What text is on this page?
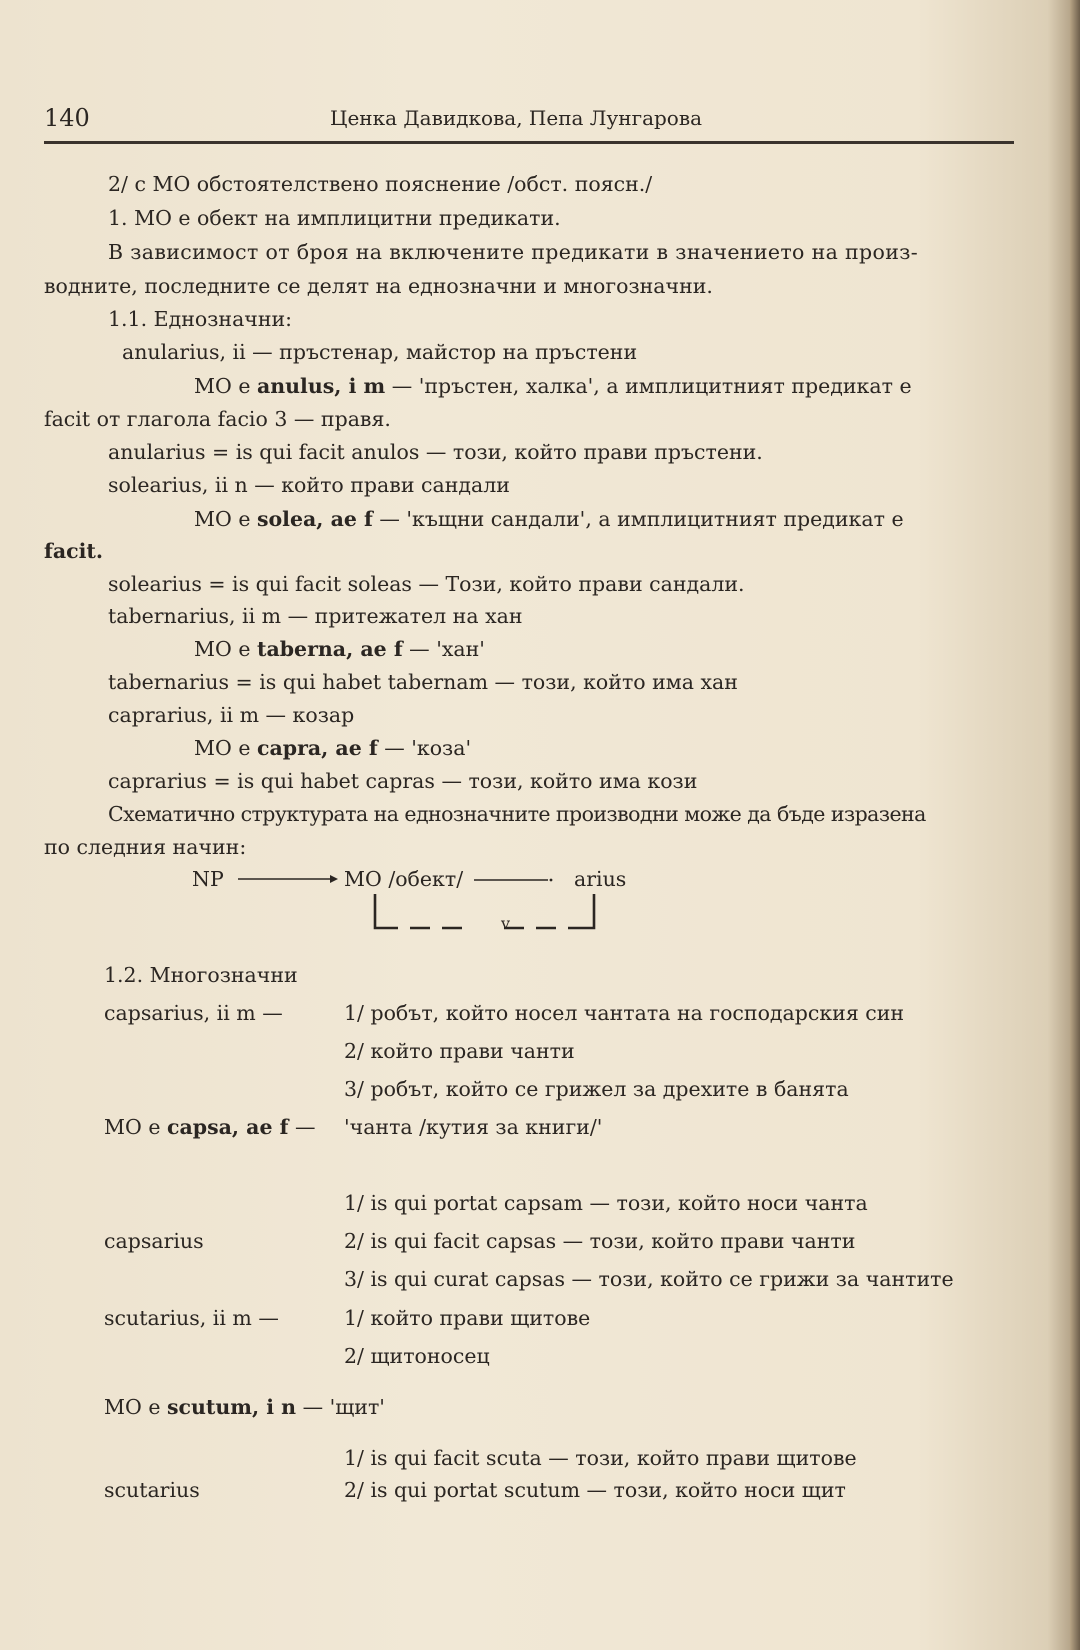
140	Ценка Давидкова, Пепа Лунгарова
2/ с МО обстоятелствено пояснение /обст. поясн./
1. МО е обект на имплицитни предикати.
В зависимост от броя на включените предикати в значението на произ-
водните, последните се делят на еднозначни и многозначни.
1.1. Еднозначни:
anularius, ii — пръстенар, майстор на пръстени
МО е anulus, i m — 'пръстен, халка', а имплицитният предикат е
facit от глагола facio 3 — правя.
anularius = is qui facit anulos — този, който прави пръстени.
solearius, ii n — който прави сандали
МО е solea, ae f — 'къщни сандали', а имплицитният предикат е
facit.
solearius = is qui facit soleas — Този, който прави сандали.
tabernarius, ii m — притежател на хан
МО е taberna, ae f — 'хан'
tabernarius = is qui habet tabernam — този, който има хан
caprarius, ii m — козар
МО е capra, ae f — 'коза'
caprarius = is qui habet capras — този, който има кози
Схематично структурата на еднозначните производни може да бъде изразена
по следния начин:
NP	МО /обект/	arius
v
1.2. Многозначни
capsarius, ii m —	1/ робът, който носел чантата на господарския син
2/ който прави чанти
3/ робът, който се грижел за дрехите в банята
МО е capsa, ae f — 'чанта /кутия за книги/'
1/ is qui portat capsam — този, който носи чанта
capsarius	2/ is qui facit capsas — този, който прави чанти
3/ is qui curat capsas — този, който се грижи за чантите
scutarius, ii m —	1/ който прави щитове
2/ щитоносец
МО е scutum, i n — 'щит'
1/ is qui facit scuta — този, който прави щитове
scutarius	2/ is qui portat scutum — този, който носи щит
